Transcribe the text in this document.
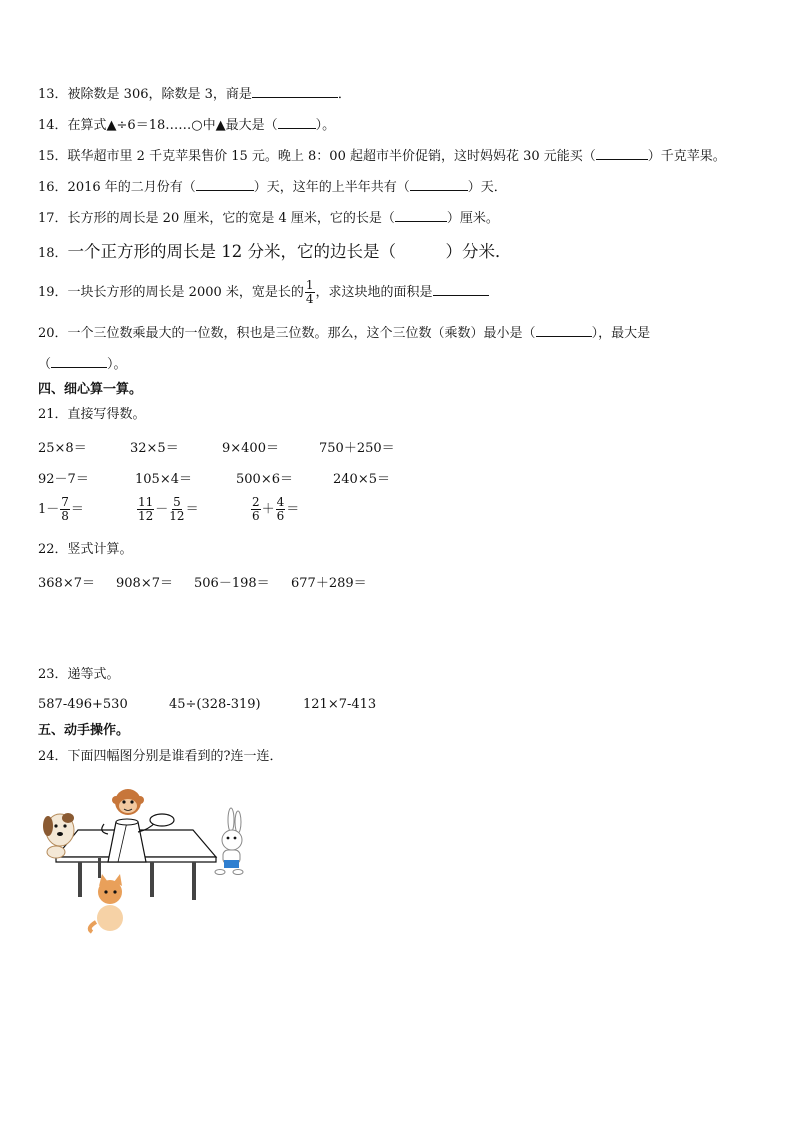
13．被除数是 306，除数是 3，商是	．
14．在算式▲÷6＝18……○中▲最大是（	）。
15．联华超市里 2 千克苹果售价 15 元。晚上 8：00 起超市半价促销，这时妈妈花 30 元能买（	）千克苹果。
16．2016 年的二月份有（	）天，这年的上半年共有（	）天．
17．长方形的周长是 20 厘米，它的宽是 4 厘米，它的长是（	）厘米。
18．一个正方形的周长是 12 分米，它的边长是（　　　）分米．
19．一块长方形的周长是 2000 米，宽是长的 $\frac{1}{4}$ ，求这块地的面积是
20．一个三位数乘最大的一位数，积也是三位数。那么，这个三位数（乘数）最小是（	），最大是
（	）。
四、细心算一算。
21．直接写得数。
25×8＝	32×5＝	9×400＝	750＋250＝
92－7＝	105×4＝	500×6＝	240×5＝
$1- \frac{7}{8}$ ＝	$\frac{11}{12} - \frac{5}{12}$ ＝	$\frac{2}{6} + \frac{4}{6}$ ＝
22．竖式计算。
368×7＝ 908×7＝ 506－198＝ 677＋289＝
23．递等式。
587-496+530	45÷(328-319)	121×7-413
五、动手操作。
24．下面四幅图分别是谁看到的?连一连．
